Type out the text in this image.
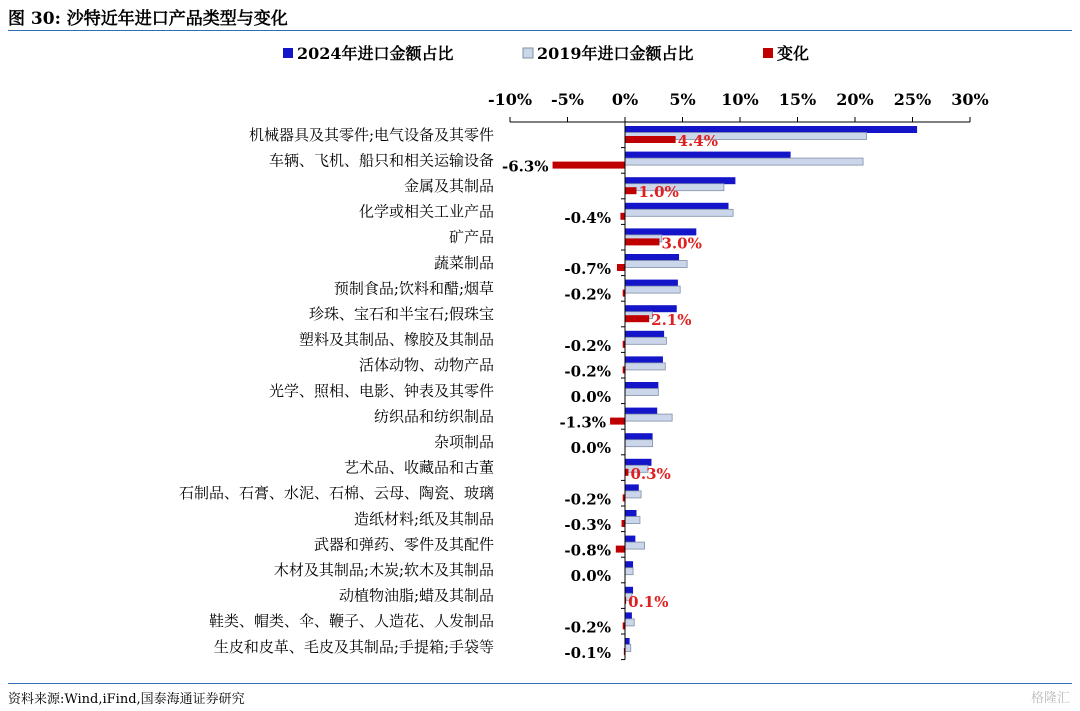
图 30: 沙特近年进口产品类型与变化
2024年进口金额占比	2019年进口金额占比	变化
-10% -5% 0% 5% 10% 15% 20% 25% 30%
机械器具及其零件;电气设备及其零件	4.4%
车辆、飞机、船只和相关运输设备 -6.3%
金属及其制品	1.0%
化学或相关工业产品	-0.4%
矿产品	3.0%
蔬菜制品	-0.7%
预制食品;饮料和醋;烟草	-0.2%
珍珠、宝石和半宝石;假珠宝	2.1%
塑料及其制品、橡胶及其制品	-0.2%
活体动物、动物产品	-0.2%
光学、照相、电影、钟表及其零件	0.0%
纺织品和纺织制品	-1.3%
杂项制品	0.0%
艺术品、收藏品和古董	0.3%
石制品、石膏、水泥、石棉、云母、陶瓷、玻璃	-0.2%
造纸材料;纸及其制品	-0.3%
武器和弹药、零件及其配件	-0.8%
木材及其制品;木炭;软木及其制品	0.0%
动植物油脂;蜡及其制品	0.1%
鞋类、帽类、伞、鞭子、人造花、人发制品	-0.2%
生皮和皮革、毛皮及其制品;手提箱;手袋等	-0.1%
资料来源:Wind,iFind,国泰海通证券研究	格隆汇
